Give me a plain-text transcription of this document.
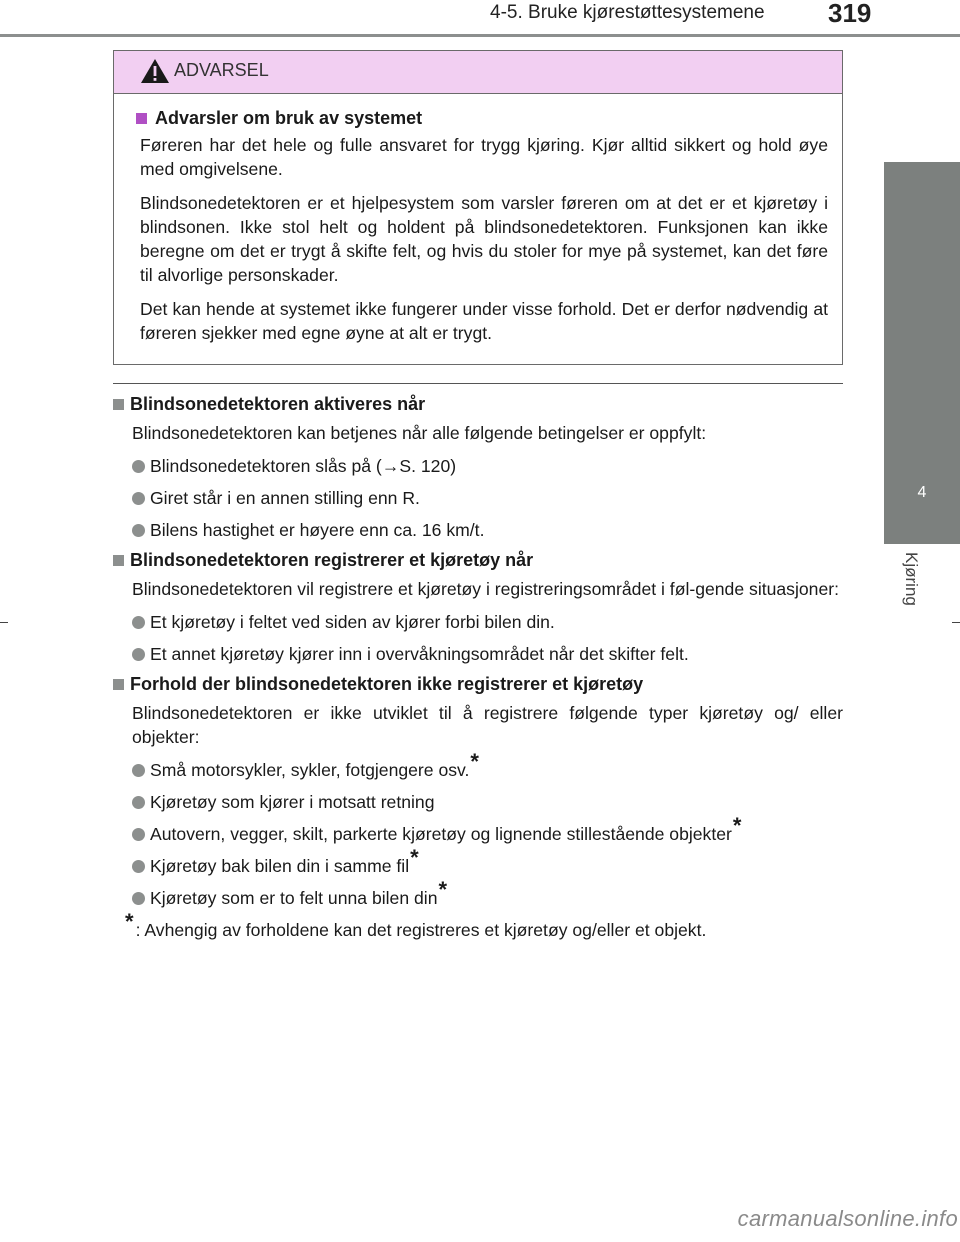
4-5. Bruke kjørestøttesystemene	319
4
Kjøring
ADVARSEL
Advarsler om bruk av systemet

Føreren har det hele og fulle ansvaret for trygg kjøring. Kjør alltid sikkert og hold øye med omgivelsene.

Blindsonedetektoren er et hjelpesystem som varsler føreren om at det er et kjøretøy i blindsonen. Ikke stol helt og holdent på blindsonedetektoren. Funksjonen kan ikke beregne om det er trygt å skifte felt, og hvis du stoler for mye på systemet, kan det føre til alvorlige personskader.

Det kan hende at systemet ikke fungerer under visse forhold. Det er derfor nødvendig at føreren sjekker med egne øyne at alt er trygt.

Blindsonedetektoren aktiveres når

Blindsonedetektoren kan betjenes når alle følgende betingelser er oppfylt:

Blindsonedetektoren slås på (→S. 120)
Giret står i en annen stilling enn R.
Bilens hastighet er høyere enn ca. 16 km/t.
Blindsonedetektoren registrerer et kjøretøy når

Blindsonedetektoren vil registrere et kjøretøy i registreringsområdet i føl-gende situasjoner:

Et kjøretøy i feltet ved siden av kjører forbi bilen din.
Et annet kjøretøy kjører inn i overvåkningsområdet når det skifter felt.
Forhold der blindsonedetektoren ikke registrerer et kjøretøy

Blindsonedetektoren er ikke utviklet til å registrere følgende typer kjøretøy og/ eller objekter:

Små motorsykler, sykler, fotgjengere osv.*
Kjøretøy som kjører i motsatt retning
Autovern, vegger, skilt, parkerte kjøretøy og lignende stillestående objekter*
Kjøretøy bak bilen din i samme fil*
Kjøretøy som er to felt unna bilen din*
* : Avhengig av forholdene kan det registreres et kjøretøy og/eller et objekt.
carmanualsonline.info
